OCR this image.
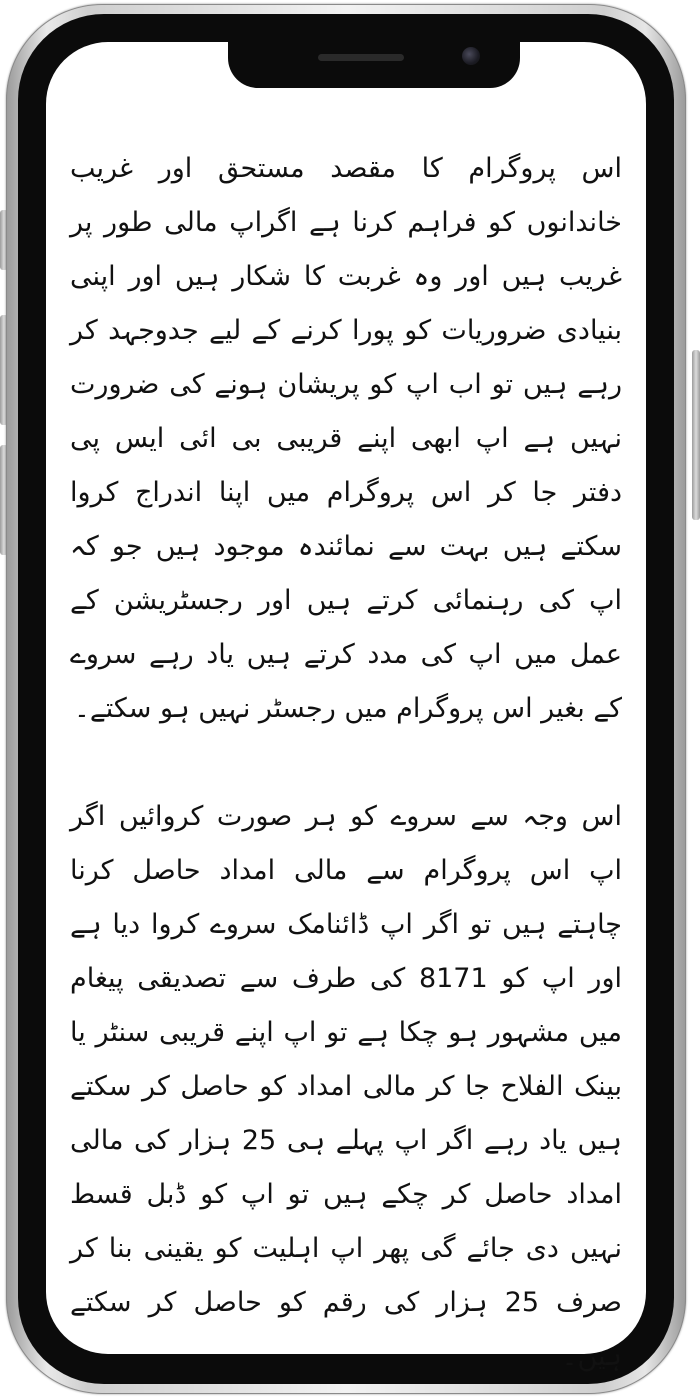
اس پروگرام کا مقصد مستحق اور غریب خاندانوں کو فراہم کرنا ہے اگراپ مالی طور پر غریب ہیں اور وہ غربت کا شکار ہیں اور اپنی بنیادی ضروریات کو پورا کرنے کے لیے جدوجہد کر رہے ہیں تو اب اپ کو پریشان ہونے کی ضرورت نہیں ہے اپ ابھی اپنے قریبی بی ائی ایس پی دفتر جا کر اس پروگرام میں اپنا اندراج کروا سکتے ہیں بہت سے نمائندہ موجود ہیں جو کہ اپ کی رہنمائی کرتے ہیں اور رجسٹریشن کے عمل میں اپ کی مدد کرتے ہیں یاد رہے سروے کے بغیر اس پروگرام میں رجسٹر نہیں ہو سکتے۔

اس وجہ سے سروے کو ہر صورت کروائیں اگر اپ اس پروگرام سے مالی امداد حاصل کرنا چاہتے ہیں تو اگر اپ ڈائنامک سروے کروا دیا ہے اور اپ کو 8171 کی طرف سے تصدیقی پیغام میں مشہور ہو چکا ہے تو اپ اپنے قریبی سنٹر یا بینک الفلاح جا کر مالی امداد کو حاصل کر سکتے ہیں یاد رہے اگر اپ پہلے ہی 25 ہزار کی مالی امداد حاصل کر چکے ہیں تو اپ کو ڈبل قسط نہیں دی جائے گی پھر اپ اہلیت کو یقینی بنا کر صرف 25 ہزار کی رقم کو حاصل کر سکتے ہیں۔
